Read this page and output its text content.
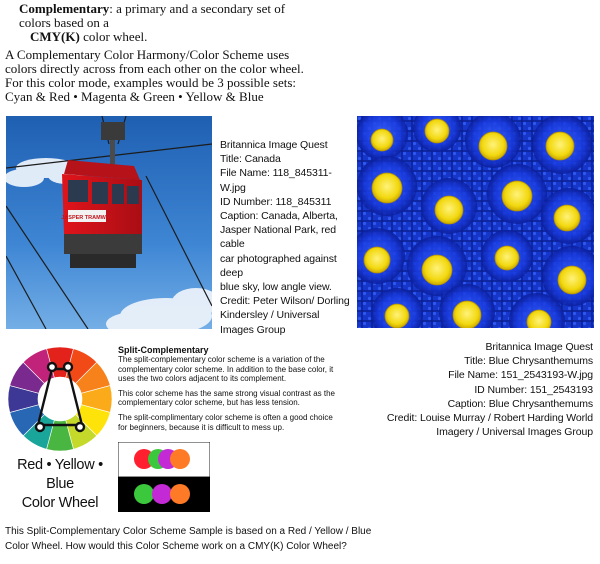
Complementary: a primary and a secondary set of
colors based on a
CMY(K) color wheel.
A Complementary Color Harmony/Color Scheme uses
colors directly across from each other on the color wheel.
For this color mode, examples would be 3 possible sets:
Cyan & Red • Magenta & Green • Yellow & Blue
JASPER TRAMWAY
Britannica Image Quest
Title: Canada
File Name: 118_845311-W.jpg
ID Number: 118_845311
Caption: Canada, Alberta,
Jasper National Park, red cable
car photographed against deep
blue sky, low angle view.
Credit: Peter Wilson/ Dorling
Kindersley / Universal
Images Group
Britannica Image Quest
Title: Blue Chrysanthemums
File Name: 151_2543193-W.jpg
ID Number: 151_2543193
Caption: Blue Chrysanthemums
Credit: Louise Murray / Robert Harding World
Imagery / Universal Images Group
Split-Complementary

The split-complementary color scheme is a variation of the complementary color scheme. In addition to the base color, it uses the two colors adjacent to its complement.

This color scheme has the same strong visual contrast as the complementary color scheme, but has less tension.

The split-complimentary color scheme is often a good choice for beginners, because it is difficult to mess up.

Red • Yellow • Blue
Color Wheel
This Split-Complementary Color Scheme Sample is based on a Red / Yellow / Blue
Color Wheel. How would this Color Scheme work on a CMY(K) Color Wheel?
